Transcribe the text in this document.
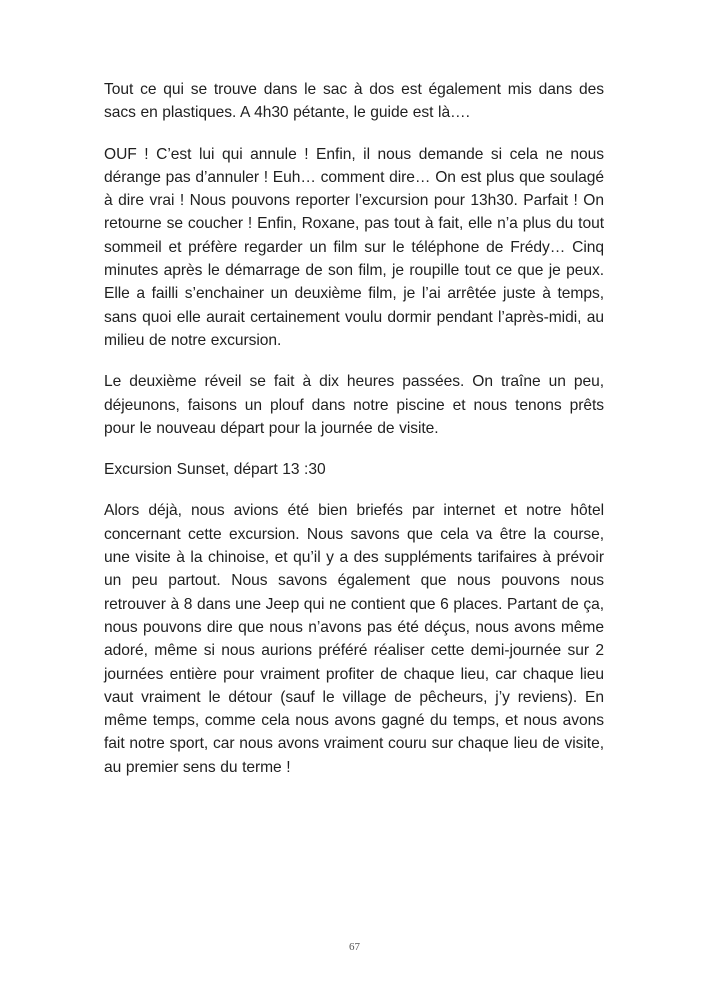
Tout ce qui se trouve dans le sac à dos est également mis dans des sacs en plastiques. A 4h30 pétante, le guide est là….

OUF ! C’est lui qui annule ! Enfin, il nous demande si cela ne nous dérange pas d’annuler ! Euh… comment dire… On est plus que soulagé à dire vrai ! Nous pouvons reporter l’excursion pour 13h30. Parfait ! On retourne se coucher ! Enfin, Roxane, pas tout à fait, elle n’a plus du tout sommeil et préfère regarder un film sur le téléphone de Frédy… Cinq minutes après le démarrage de son film, je roupille tout ce que je peux. Elle a failli s’enchainer un deuxième film, je l’ai arrêtée juste à temps, sans quoi elle aurait certainement voulu dormir pendant l’après-midi, au milieu de notre excursion.

Le deuxième réveil se fait à dix heures passées. On traîne un peu, déjeunons, faisons un plouf dans notre piscine et nous tenons prêts pour le nouveau départ pour la journée de visite.

Excursion Sunset, départ 13 :30

Alors déjà, nous avions été bien briefés par internet et notre hôtel concernant cette excursion. Nous savons que cela va être la course, une visite à la chinoise, et qu’il y a des suppléments tarifaires à prévoir un peu partout. Nous savons également que nous pouvons nous retrouver à 8 dans une Jeep qui ne contient que 6 places. Partant de ça, nous pouvons dire que nous n’avons pas été déçus, nous avons même adoré, même si nous aurions préféré réaliser cette demi-journée sur 2 journées entière pour vraiment profiter de chaque lieu, car chaque lieu vaut vraiment le détour (sauf le village de pêcheurs, j’y reviens). En même temps, comme cela nous avons gagné du temps, et nous avons fait notre sport, car nous avons vraiment couru sur chaque lieu de visite, au premier sens du terme !

67
